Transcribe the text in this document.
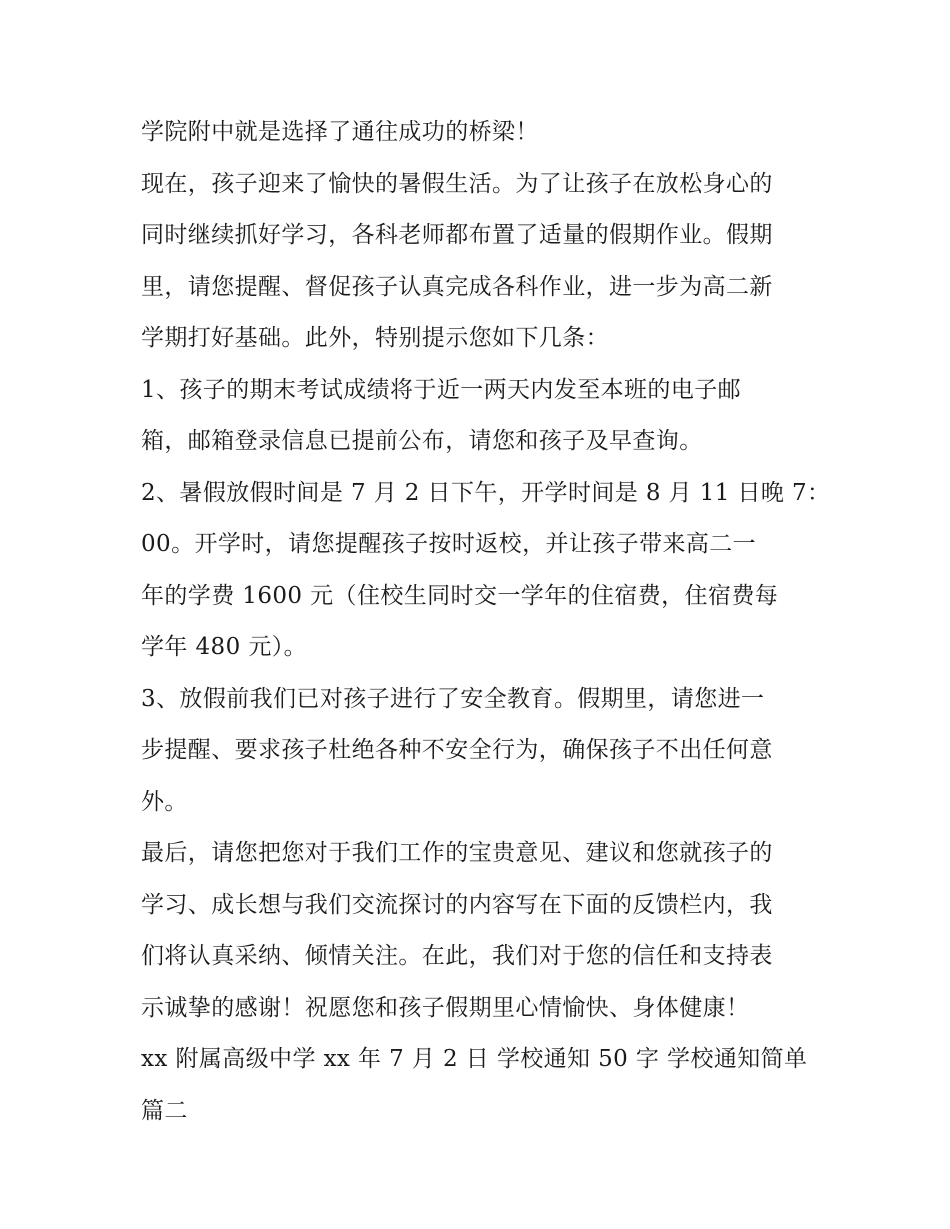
学院附中就是选择了通往成功的桥梁！
现在，孩子迎来了愉快的暑假生活。为了让孩子在放松身心的
同时继续抓好学习，各科老师都布置了适量的假期作业。假期
里，请您提醒、督促孩子认真完成各科作业，进一步为高二新
学期打好基础。此外，特别提示您如下几条：
1、孩子的期末考试成绩将于近一两天内发至本班的电子邮
箱，邮箱登录信息已提前公布，请您和孩子及早查询。
2、暑假放假时间是 7 月 2 日下午，开学时间是 8 月 11 日晚 7：
00。开学时，请您提醒孩子按时返校，并让孩子带来高二一
年的学费 1600 元（住校生同时交一学年的住宿费，住宿费每
学年 480 元）。
3、放假前我们已对孩子进行了安全教育。假期里，请您进一
步提醒、要求孩子杜绝各种不安全行为，确保孩子不出任何意
外。
最后，请您把您对于我们工作的宝贵意见、建议和您就孩子的
学习、成长想与我们交流探讨的内容写在下面的反馈栏内，我
们将认真采纳、倾情关注。在此，我们对于您的信任和支持表
示诚挚的感谢！祝愿您和孩子假期里心情愉快、身体健康！
xx 附属高级中学 xx 年 7 月 2 日 学校通知 50 字 学校通知简单
篇二
